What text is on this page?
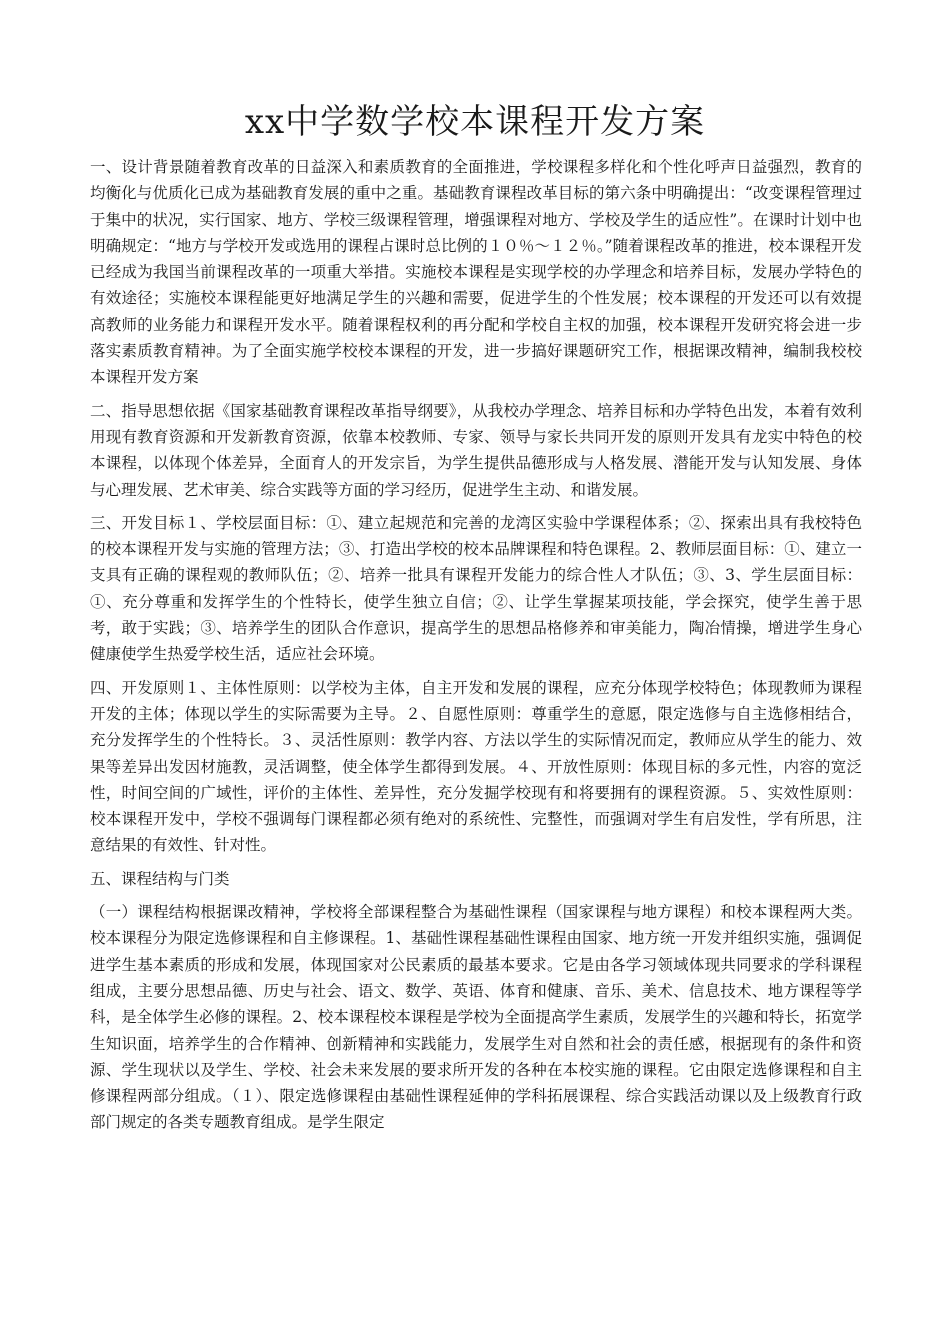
xx中学数学校本课程开发方案

一、设计背景随着教育改革的日益深入和素质教育的全面推进，学校课程多样化和个性化呼声日益强烈，教育的均衡化与优质化已成为基础教育发展的重中之重。基础教育课程改革目标的第六条中明确提出：“改变课程管理过于集中的状况，实行国家、地方、学校三级课程管理，增强课程对地方、学校及学生的适应性”。在课时计划中也明确规定：“地方与学校开发或选用的课程占课时总比例的１０％～１２％。”随着课程改革的推进，校本课程开发已经成为我国当前课程改革的一项重大举措。实施校本课程是实现学校的办学理念和培养目标，发展办学特色的有效途径；实施校本课程能更好地满足学生的兴趣和需要，促进学生的个性发展；校本课程的开发还可以有效提高教师的业务能力和课程开发水平。随着课程权利的再分配和学校自主权的加强，校本课程开发研究将会进一步落实素质教育精神。为了全面实施学校校本课程的开发，进一步搞好课题研究工作，根据课改精神，编制我校校本课程开发方案

二、指导思想依据《国家基础教育课程改革指导纲要》，从我校办学理念、培养目标和办学特色出发，本着有效利用现有教育资源和开发新教育资源，依靠本校教师、专家、领导与家长共同开发的原则开发具有龙实中特色的校本课程，以体现个体差异，全面育人的开发宗旨，为学生提供品德形成与人格发展、潜能开发与认知发展、身体与心理发展、艺术审美、综合实践等方面的学习经历，促进学生主动、和谐发展。

三、开发目标１、学校层面目标：①、建立起规范和完善的龙湾区实验中学课程体系；②、探索出具有我校特色的校本课程开发与实施的管理方法；③、打造出学校的校本品牌课程和特色课程。2、教师层面目标：①、建立一支具有正确的课程观的教师队伍；②、培养一批具有课程开发能力的综合性人才队伍；③、3、学生层面目标：①、充分尊重和发挥学生的个性特长，使学生独立自信；②、让学生掌握某项技能，学会探究，使学生善于思考，敢于实践；③、培养学生的团队合作意识，提高学生的思想品格修养和审美能力，陶冶情操，增进学生身心健康使学生热爱学校生活，适应社会环境。

四、开发原则１、主体性原则：以学校为主体，自主开发和发展的课程，应充分体现学校特色；体现教师为课程开发的主体；体现以学生的实际需要为主导。２、自愿性原则：尊重学生的意愿，限定选修与自主选修相结合，充分发挥学生的个性特长。３、灵活性原则：教学内容、方法以学生的实际情况而定，教师应从学生的能力、效果等差异出发因材施教，灵活调整，使全体学生都得到发展。４、开放性原则：体现目标的多元性，内容的宽泛性，时间空间的广域性，评价的主体性、差异性，充分发掘学校现有和将要拥有的课程资源。５、实效性原则：校本课程开发中，学校不强调每门课程都必须有绝对的系统性、完整性，而强调对学生有启发性，学有所思，注意结果的有效性、针对性。

五、课程结构与门类

（一）课程结构根据课改精神，学校将全部课程整合为基础性课程（国家课程与地方课程）和校本课程两大类。校本课程分为限定选修课程和自主修课程。1、基础性课程基础性课程由国家、地方统一开发并组织实施，强调促进学生基本素质的形成和发展，体现国家对公民素质的最基本要求。它是由各学习领域体现共同要求的学科课程组成，主要分思想品德、历史与社会、语文、数学、英语、体育和健康、音乐、美术、信息技术、地方课程等学科，是全体学生必修的课程。2、校本课程校本课程是学校为全面提高学生素质，发展学生的兴趣和特长，拓宽学生知识面，培养学生的合作精神、创新精神和实践能力，发展学生对自然和社会的责任感，根据现有的条件和资源、学生现状以及学生、学校、社会未来发展的要求所开发的各种在本校实施的课程。它由限定选修课程和自主修课程两部分组成。（１）、限定选修课程由基础性课程延伸的学科拓展课程、综合实践活动课以及上级教育行政部门规定的各类专题教育组成。是学生限定
